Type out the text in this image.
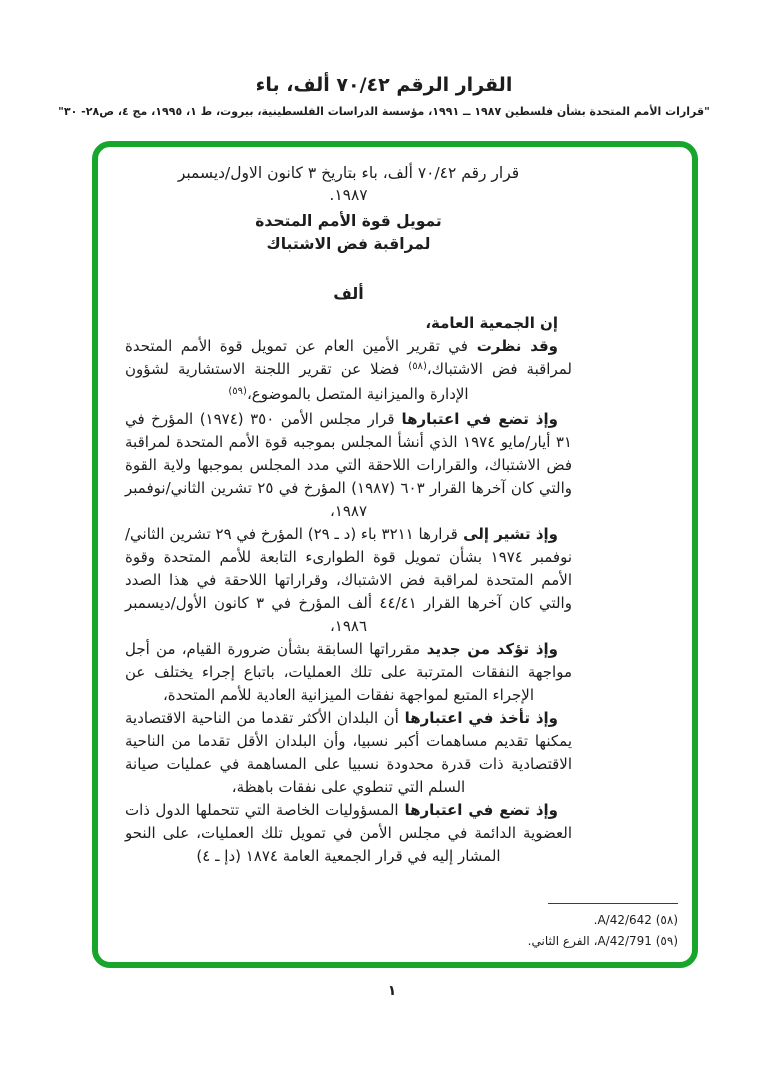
القرار الرقم ٧٠/٤٢ ألف، باء
"قرارات الأمم المتحدة بشأن فلسطين ١٩٨٧ ــ ١٩٩١، مؤسسة الدراسات الفلسطينية، بيروت، ط ١، ١٩٩٥، مج ٤، ص٢٨- ٣٠"
قرار رقم ٧٠/٤٢ ألف، باء بتاريخ ٣ كانون الاول/ديسمبر
١٩٨٧.
تمويل قوة الأمم المتحدة
لمراقبة فض الاشتباك
ألف

إن الجمعية العامة،

وقد نظرت في تقرير الأمين العام عن تمويل قوة الأمم المتحدة لمراقبة فض الاشتباك،$^{(٥٨)}$ فضلا عن تقرير اللجنة الاستشارية لشؤون الإدارة والميزانية المتصل بالموضوع،$^{(٥٩)}$

وإذ تضع في اعتبارها قرار مجلس الأمن ٣٥٠ (١٩٧٤) المؤرخ في ٣١ أيار/مايو ١٩٧٤ الذي أنشأ المجلس بموجبه قوة الأمم المتحدة لمراقبة فض الاشتباك، والقرارات اللاحقة التي مدد المجلس بموجبها ولاية القوة والتي كان آخرها القرار ٦٠٣ (١٩٨٧) المؤرخ في ٢٥ تشرين الثاني/نوفمبر ١٩٨٧،

وإذ تشير إلى قرارها ٣٢١١ باء (د ـ ٢٩) المؤرخ في ٢٩ تشرين الثاني/نوفمبر ١٩٧٤ بشأن تمويل قوة الطوارىء التابعة للأمم المتحدة وقوة الأمم المتحدة لمراقبة فض الاشتباك، وقراراتها اللاحقة في هذا الصدد والتي كان آخرها القرار ٤٤/٤١ ألف المؤرخ في ٣ كانون الأول/ديسمبر ١٩٨٦،

وإذ تؤكد من جديد مقرراتها السابقة بشأن ضرورة القيام، من أجل مواجهة النفقات المترتبة على تلك العمليات، باتباع إجراء يختلف عن الإجراء المتبع لمواجهة نفقات الميزانية العادية للأمم المتحدة،

وإذ تأخذ في اعتبارها أن البلدان الأكثر تقدما من الناحية الاقتصادية يمكنها تقديم مساهمات أكبر نسبيا، وأن البلدان الأقل تقدما من الناحية الاقتصادية ذات قدرة محدودة نسبيا على المساهمة في عمليات صيانة السلم التي تنطوي على نفقات باهظة،

وإذ تضع في اعتبارها المسؤوليات الخاصة التي تتحملها الدول ذات العضوية الدائمة في مجلس الأمن في تمويل تلك العمليات، على النحو المشار إليه في قرار الجمعية العامة ١٨٧٤ (دإ ـ ٤)

(٥٨) A/42/642.
(٥٩) A/42/791، الفرع الثاني.
١
